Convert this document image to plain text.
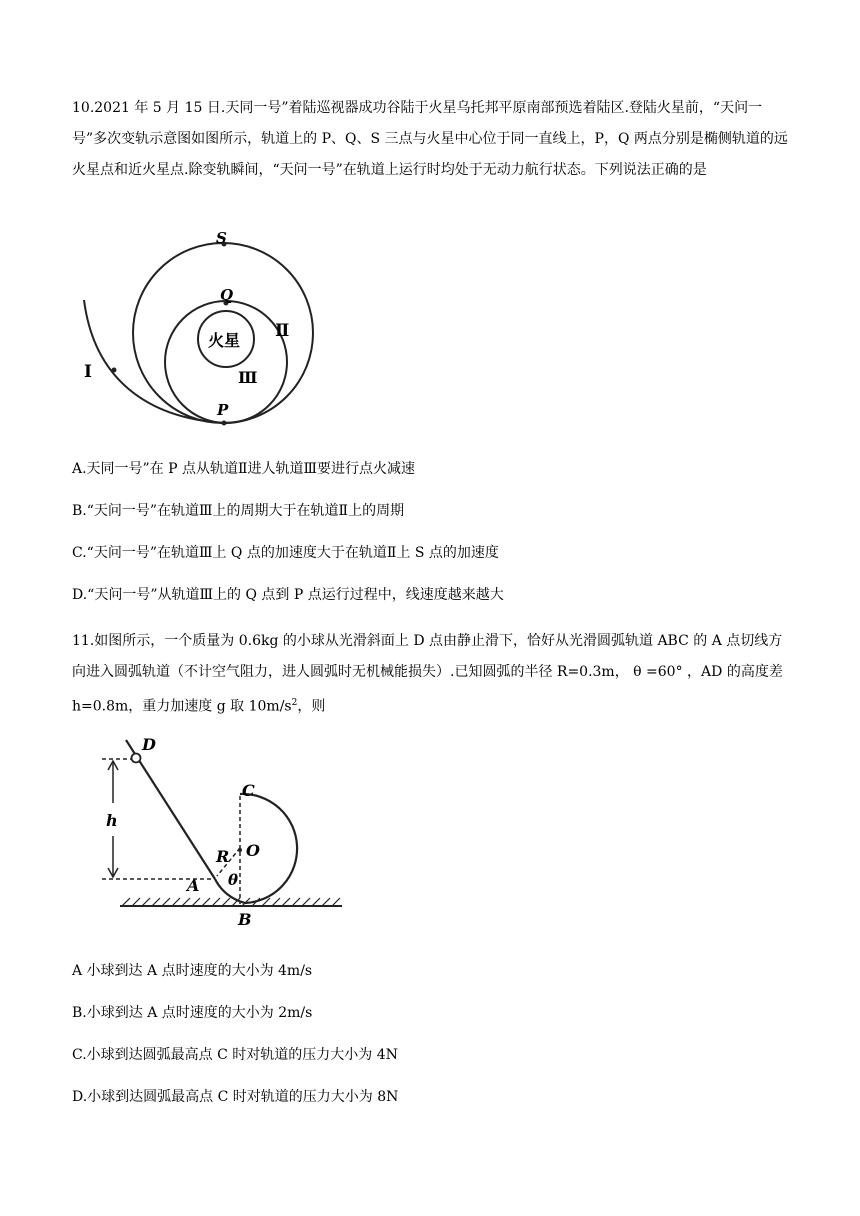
10.2021 年 5 月 15 日.天同一号”着陆巡视器成功谷陆于火星乌托邦平原南部预选着陆区.登陆火星前，“天问一号”多次变轨示意图如图所示，轨道上的 P、Q、S 三点与火星中心位于同一直线上，P，Q 两点分别是椭侧轨道的远火星点和近火星点.除变轨瞬间，“天问一号”在轨道上运行时均处于无动力航行状态。下列说法正确的是

S
Q
P
火星
Ⅰ
Ⅱ
Ⅲ

A.天同一号”在 P 点从轨道Ⅱ进人轨道Ⅲ要进行点火减速

B.“天问一号”在轨道Ⅲ上的周期大于在轨道Ⅱ上的周期

C.“天问一号”在轨道Ⅲ上 Q 点的加速度大于在轨道Ⅱ上 S 点的加速度

D.“天问一号”从轨道Ⅲ上的 Q 点到 P 点运行过程中，线速度越来越大

11.如图所示，一个质量为 0.6kg 的小球从光滑斜面上 D 点由静止滑下，恰好从光滑圆弧轨道 ABC 的 A 点切线方向进入圆弧轨道（不计空气阻力，进人圆弧时无机械能损失）.已知圆弧的半径 R=0.3m， θ =60° ，AD 的高度差 h=0.8m，重力加速度 g 取 $10m/s^2$，则

D
C
h
R O
θ
A
B

A 小球到达 A 点时速度的大小为 4m/s

B.小球到达 A 点时速度的大小为 2m/s

C.小球到达圆弧最高点 C 时对轨道的压力大小为 4N

D.小球到达圆弧最高点 C 时对轨道的压力大小为 8N
